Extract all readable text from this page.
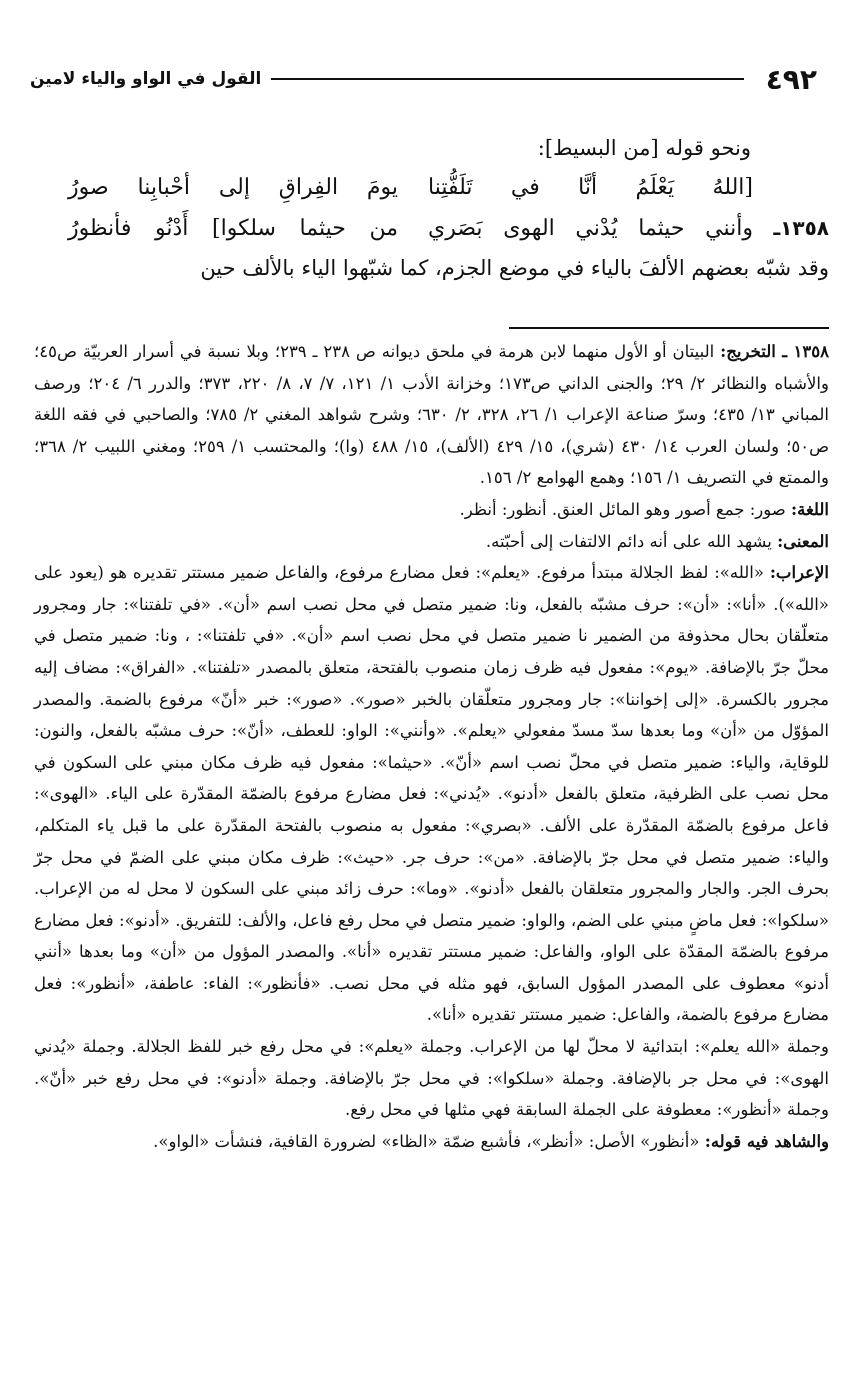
٤٩٢
القول في الواو والياء لامين
ونحو قوله [من البسيط]:
[اللهُ يَعْلَمُ أنَّا في تَلَفُّتِنا
يومَ الفِراقِ إلى أحْبابِنا صورُ
١٣٥٨ـ
وأنني حيثما يُدْني الهوى بَصَري
من حيثما سلكوا] أَدْنُو فأنظورُ
وقد شبّه بعضهم الألفَ بالياء في موضع الجزم، كما شبّهوا الياء بالألف حين

١٣٥٨ ـ التخريج: البيتان أو الأول منهما لابن هرمة في ملحق ديوانه ص ٢٣٨ ـ ٢٣٩؛ وبلا نسبة في أسرار العربيّة ص٤٥؛ والأشباه والنظائر ٢/ ٢٩؛ والجنى الداني ص١٧٣؛ وخزانة الأدب ١/ ١٢١، ٧/ ٧، ٨/ ٢٢٠، ٣٧٣؛ والدرر ٦/ ٢٠٤؛ ورصف المباني ١٣/ ٤٣٥؛ وسرّ صناعة الإعراب ١/ ٢٦، ٣٢٨، ٢/ ٦٣٠؛ وشرح شواهد المغني ٢/ ٧٨٥؛ والصاحبي في فقه اللغة ص٥٠؛ ولسان العرب ١٤/ ٤٣٠ (شري)، ١٥/ ٤٢٩ (الألف)، ١٥/ ٤٨٨ (وا)؛ والمحتسب ١/ ٢٥٩؛ ومغني اللبيب ٢/ ٣٦٨؛ والممتع في التصريف ١/ ١٥٦؛ وهمع الهوامع ٢/ ١٥٦.

اللغة: صور: جمع أصور وهو المائل العنق. أنظور: أنظر.

المعنى: يشهد الله على أنه دائم الالتفات إلى أحبّته.

الإعراب: «الله»: لفظ الجلالة مبتدأ مرفوع. «يعلم»: فعل مضارع مرفوع، والفاعل ضمير مستتر تقديره هو (يعود على «الله»). «أنا»: «أن»: حرف مشبّه بالفعل، ونا: ضمير متصل في محل نصب اسم «أن». «في تلفتنا»: جار ومجرور متعلّقان بحال محذوفة من الضمير نا ضمير متصل في محل نصب اسم «أن». «في تلفتنا»: ، ونا: ضمير متصل في محلّ جرّ بالإضافة. «يوم»: مفعول فيه ظرف زمان منصوب بالفتحة، متعلق بالمصدر «تلفتنا». «الفراق»: مضاف إليه مجرور بالكسرة. «إلى إخواننا»: جار ومجرور متعلّقان بالخبر «صور». «صور»: خبر «أنّ» مرفوع بالضمة. والمصدر المؤوّل من «أن» وما بعدها سدّ مسدّ مفعولي «يعلم». «وأنني»: الواو: للعطف، «أنّ»: حرف مشبّه بالفعل، والنون: للوقاية، والياء: ضمير متصل في محلّ نصب اسم «أنّ». «حيثما»: مفعول فيه ظرف مكان مبني على السكون في محل نصب على الظرفية، متعلق بالفعل «أدنو». «يُدني»: فعل مضارع مرفوع بالضمّة المقدّرة على الياء. «الهوى»: فاعل مرفوع بالضمّة المقدّرة على الألف. «بصري»: مفعول به منصوب بالفتحة المقدّرة على ما قبل ياء المتكلم، والياء: ضمير متصل في محل جرّ بالإضافة. «من»: حرف جر. «حيث»: ظرف مكان مبني على الضمّ في محل جرّ بحرف الجر. والجار والمجرور متعلقان بالفعل «أدنو». «وما»: حرف زائد مبني على السكون لا محل له من الإعراب. «سلكوا»: فعل ماضٍ مبني على الضم، والواو: ضمير متصل في محل رفع فاعل، والألف: للتفريق. «أدنو»: فعل مضارع مرفوع بالضمّة المقدّة على الواو، والفاعل: ضمير مستتر تقديره «أنا». والمصدر المؤول من «أن» وما بعدها «أنني أدنو» معطوف على المصدر المؤول السابق، فهو مثله في محل نصب. «فأنظور»: الفاء: عاطفة، «أنظور»: فعل مضارع مرفوع بالضمة، والفاعل: ضمير مستتر تقديره «أنا».

وجملة «الله يعلم»: ابتدائية لا محلّ لها من الإعراب. وجملة «يعلم»: في محل رفع خبر للفظ الجلالة. وجملة «يُدني الهوى»: في محل جر بالإضافة. وجملة «سلكوا»: في محل جرّ بالإضافة. وجملة «أدنو»: في محل رفع خبر «أنّ». وجملة «أنظور»: معطوفة على الجملة السابقة فهي مثلها في محل رفع.

والشاهد فيه قوله: «أنظور» الأصل: «أنظر»، فأشبع ضمّة «الظاء» لضرورة القافية، فنشأت «الواو».
